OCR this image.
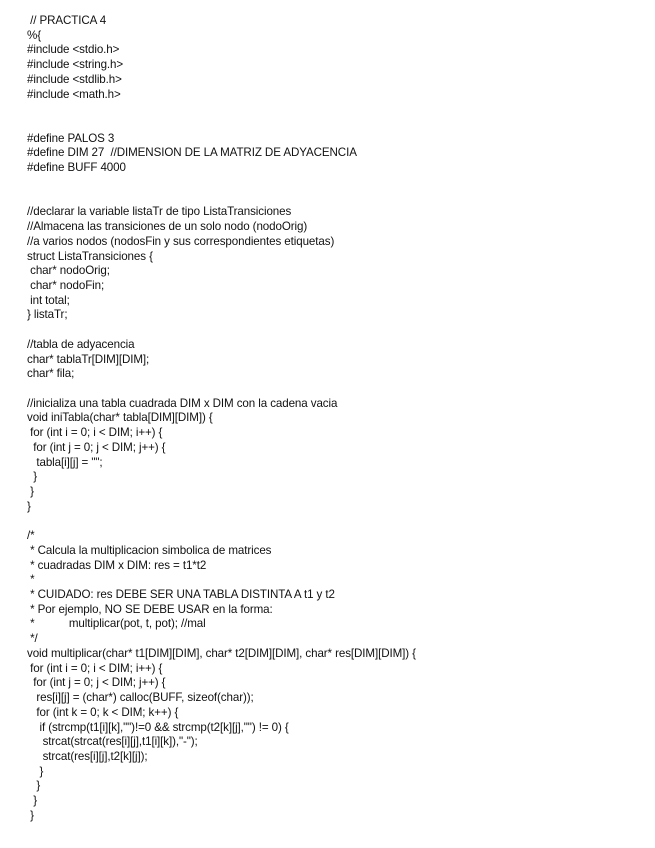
// PRACTICA 4
%{
#include <stdio.h>
#include <string.h>
#include <stdlib.h>
#include <math.h>
#define PALOS 3
#define DIM 27  //DIMENSION DE LA MATRIZ DE ADYACENCIA
#define BUFF 4000
//declarar la variable listaTr de tipo ListaTransiciones
//Almacena las transiciones de un solo nodo (nodoOrig)
//a varios nodos (nodosFin y sus correspondientes etiquetas)
struct ListaTransiciones {
char* nodoOrig;
char* nodoFin;
int total;
} listaTr;
//tabla de adyacencia
char* tablaTr[DIM][DIM];
char* fila;
//inicializa una tabla cuadrada DIM x DIM con la cadena vacia
void iniTabla(char* tabla[DIM][DIM]) {
for (int i = 0; i < DIM; i++) {
for (int j = 0; j < DIM; j++) {
tabla[i][j] = "";
}
}
}
/*
* Calcula la multiplicacion simbolica de matrices
* cuadradas DIM x DIM: res = t1*t2
*
* CUIDADO: res DEBE SER UNA TABLA DISTINTA A t1 y t2
* Por ejemplo, NO SE DEBE USAR en la forma:
*           multiplicar(pot, t, pot); //mal
*/
void multiplicar(char* t1[DIM][DIM], char* t2[DIM][DIM], char* res[DIM][DIM]) {
for (int i = 0; i < DIM; i++) {
for (int j = 0; j < DIM; j++) {
res[i][j] = (char*) calloc(BUFF, sizeof(char));
for (int k = 0; k < DIM; k++) {
if (strcmp(t1[i][k],"")!=0 && strcmp(t2[k][j],"") != 0) {
strcat(strcat(res[i][j],t1[i][k]),"-");
strcat(res[i][j],t2[k][j]);
}
}
}
}
